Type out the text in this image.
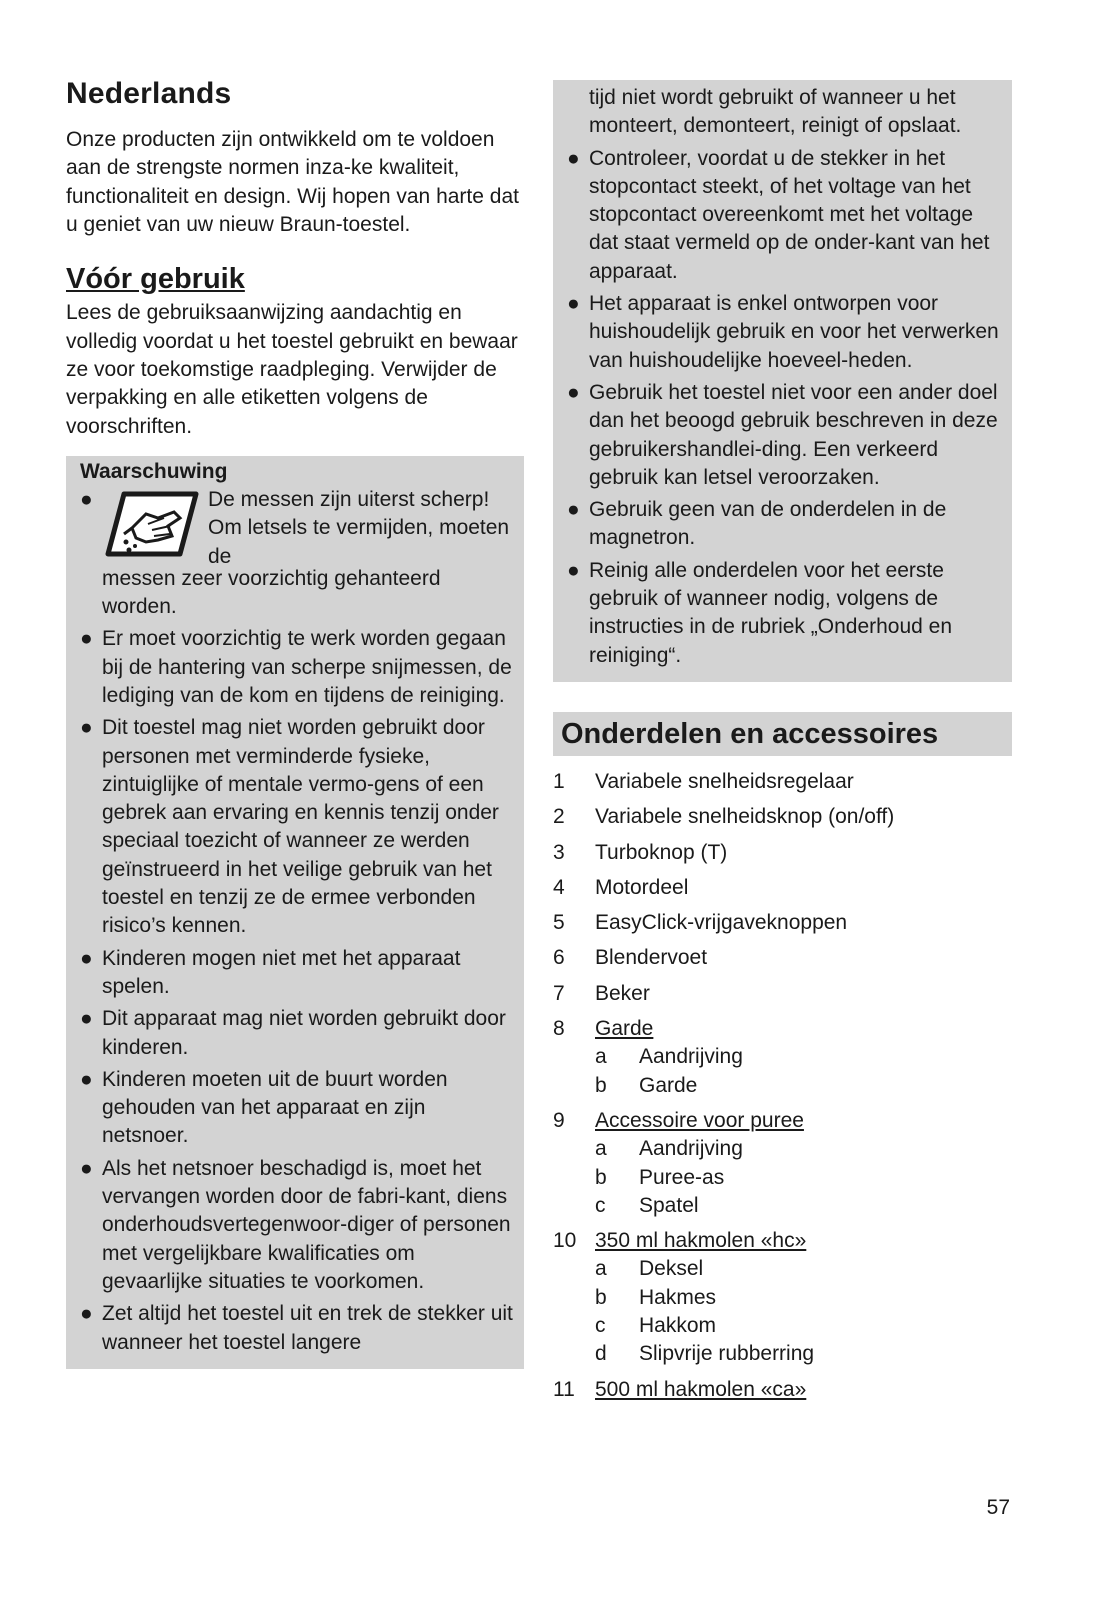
Nederlands

Onze producten zijn ontwikkeld om te voldoen aan de strengste normen inza-ke kwaliteit, functionaliteit en design. Wij hopen van harte dat u geniet van uw nieuw Braun-toestel.

Vóór gebruik

Lees de gebruiksaanwijzing aandachtig en volledig voordat u het toestel gebruikt en bewaar ze voor toekomstige raadpleging. Verwijder de verpakking en alle etiketten volgens de voorschriften.

Waarschuwing
●	De messen zijn uiterst scherp! Om letsels te vermijden, moeten de
messen zeer voorzichtig gehanteerd worden.
● Er moet voorzichtig te werk worden gegaan bij de hantering van scherpe snijmessen, de lediging van de kom en tijdens de reiniging.
● Dit toestel mag niet worden gebruikt door personen met verminderde fysieke, zintuiglijke of mentale vermo-gens of een gebrek aan ervaring en kennis tenzij onder speciaal toezicht of wanneer ze werden geïnstrueerd in het veilige gebruik van het toestel en tenzij ze de ermee verbonden risico’s kennen.
● Kinderen mogen niet met het apparaat spelen.
● Dit apparaat mag niet worden gebruikt door kinderen.
● Kinderen moeten uit de buurt worden gehouden van het apparaat en zijn netsnoer.
● Als het netsnoer beschadigd is, moet het vervangen worden door de fabri-kant, diens onderhoudsvertegenwoor-diger of personen met vergelijkbare kwalificaties om gevaarlijke situaties te voorkomen.
● Zet altijd het toestel uit en trek de stekker uit wanneer het toestel langere
tijd niet wordt gebruikt of wanneer u het monteert, demonteert, reinigt of opslaat.
● Controleer, voordat u de stekker in het stopcontact steekt, of het voltage van het stopcontact overeenkomt met het voltage dat staat vermeld op de onder-kant van het apparaat.
● Het apparaat is enkel ontworpen voor huishoudelijk gebruik en voor het verwerken van huishoudelijke hoeveel-heden.
● Gebruik het toestel niet voor een ander doel dan het beoogd gebruik beschreven in deze gebruikershandlei-ding. Een verkeerd gebruik kan letsel veroorzaken.
● Gebruik geen van de onderdelen in de magnetron.
● Reinig alle onderdelen voor het eerste gebruik of wanneer nodig, volgens de instructies in de rubriek „Onderhoud en reiniging“.
Onderdelen en accessoires
1	Variabele snelheidsregelaar
2	Variabele snelheidsknop (on/off)
3	Turboknop (T)
4	Motordeel
5	EasyClick-vrijgaveknoppen
6	Blendervoet
7	Beker
8	Garde
a	Aandrijving
b	Garde
9	Accessoire voor puree
a	Aandrijving
b	Puree-as
c	Spatel
10 350 ml hakmolen «hc»
a	Deksel
b	Hakmes
c	Hakkom
d	Slipvrije rubberring
11 500 ml hakmolen «ca»
57
